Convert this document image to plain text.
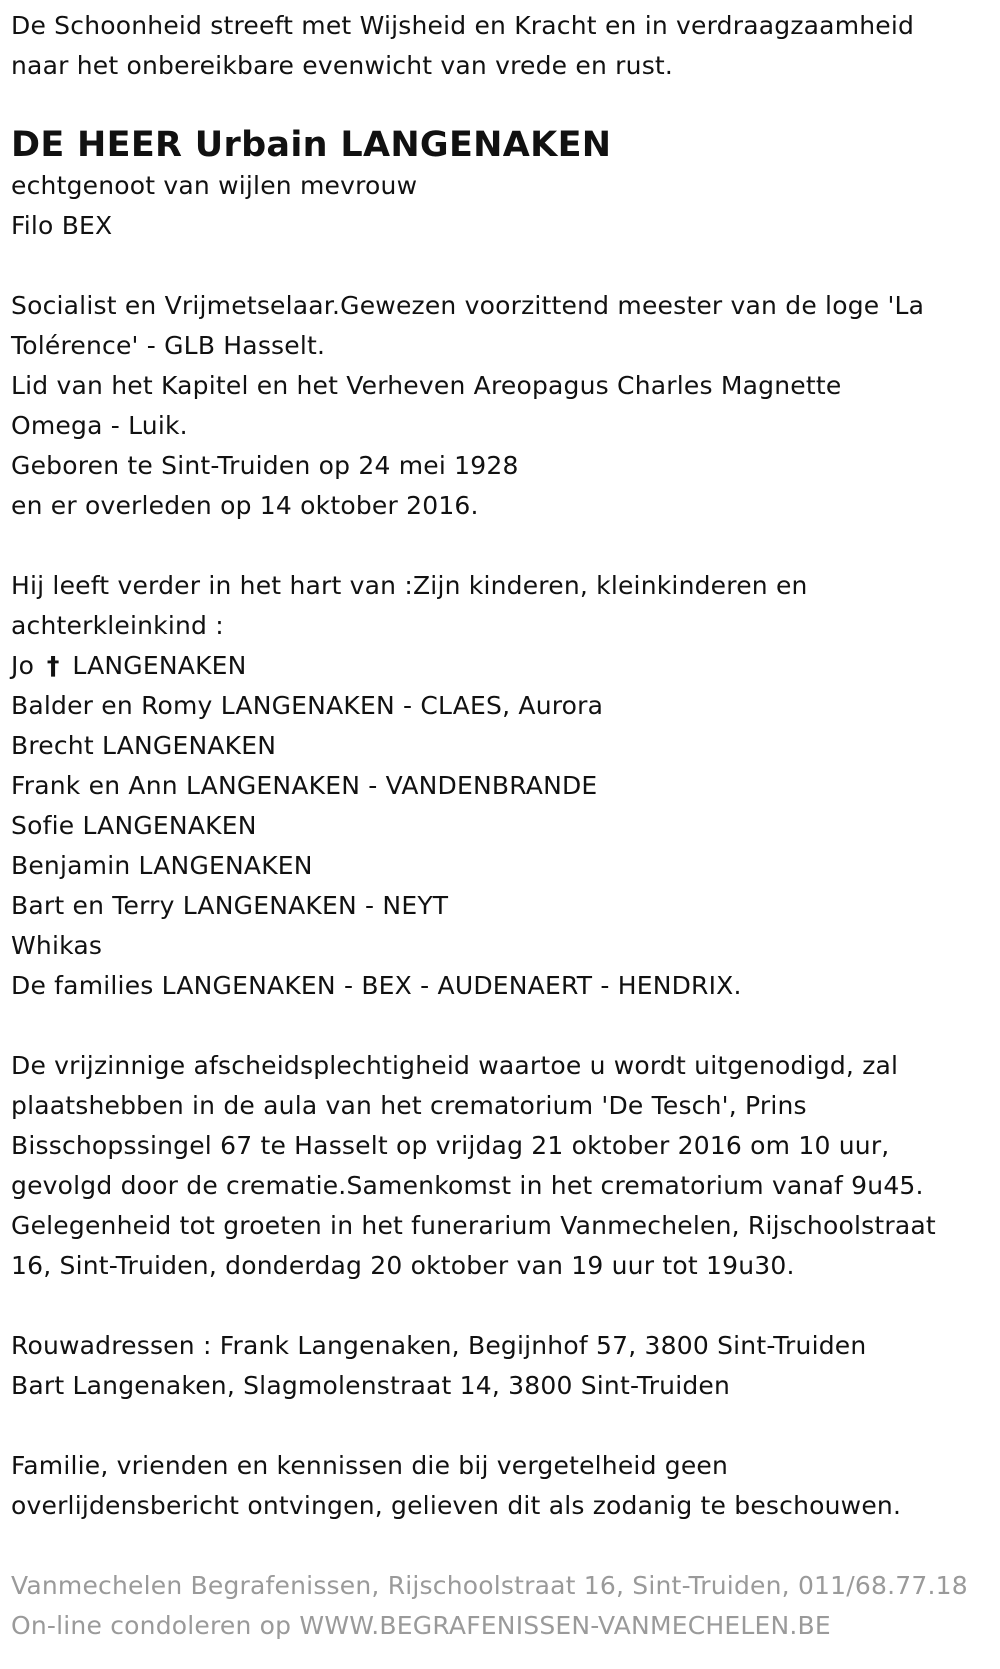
De Schoonheid streeft met Wijsheid en Kracht en in verdraagzaamheid
naar het onbereikbare evenwicht van vrede en rust.
DE HEER Urbain LANGENAKEN
echtgenoot van wijlen mevrouw
Filo BEX
Socialist en Vrijmetselaar.Gewezen voorzittend meester van de loge 'La
Tolérence' - GLB Hasselt.
Lid van het Kapitel en het Verheven Areopagus Charles Magnette
Omega - Luik.
Geboren te Sint-Truiden op 24 mei 1928
en er overleden op 14 oktober 2016.
Hij leeft verder in het hart van :Zijn kinderen, kleinkinderen en
achterkleinkind :
Jo † LANGENAKEN
Balder en Romy LANGENAKEN - CLAES, Aurora
Brecht LANGENAKEN
Frank en Ann LANGENAKEN - VANDENBRANDE
Sofie LANGENAKEN
Benjamin LANGENAKEN
Bart en Terry LANGENAKEN - NEYT
Whikas
De families LANGENAKEN - BEX - AUDENAERT - HENDRIX.
De vrijzinnige afscheidsplechtigheid waartoe u wordt uitgenodigd, zal
plaatshebben in de aula van het crematorium 'De Tesch', Prins
Bisschopssingel 67 te Hasselt op vrijdag 21 oktober 2016 om 10 uur,
gevolgd door de crematie.Samenkomst in het crematorium vanaf 9u45.
Gelegenheid tot groeten in het funerarium Vanmechelen, Rijschoolstraat
16, Sint-Truiden, donderdag 20 oktober van 19 uur tot 19u30.
Rouwadressen : Frank Langenaken, Begijnhof 57, 3800 Sint-Truiden
Bart Langenaken, Slagmolenstraat 14, 3800 Sint-Truiden
Familie, vrienden en kennissen die bij vergetelheid geen
overlijdensbericht ontvingen, gelieven dit als zodanig te beschouwen.
Vanmechelen Begrafenissen, Rijschoolstraat 16, Sint-Truiden, 011/68.77.18
On-line condoleren op WWW.BEGRAFENISSEN-VANMECHELEN.BE
